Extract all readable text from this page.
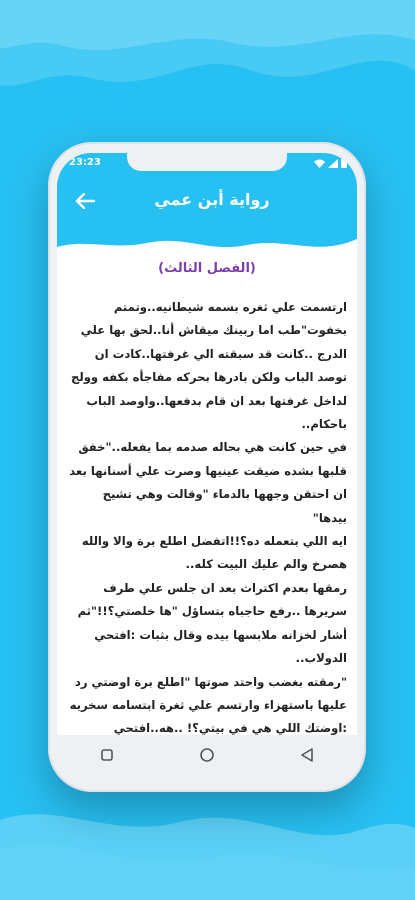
23:23
رواية أبن عمي
(الفصل الثالث)
ارتسمت علي ثغره بسمه شيطانيه..وتمتم بخفوت"طب اما ربينك ميقاش أنا..لحق بها علي الدرج ..كانت قد سبقته الي غرفتها..كادت ان توصد الباب ولكن بادرها بحركه مفاجأه بكفه وولج لداخل غرفتها بعد ان قام بدفعها..واوصد الباب باحكام..
في حين كانت هي بحاله صدمه بما يفعله.."خفق قلبها بشده ضيقت عينيها وصرت علي أسنانها بعد ان احتقن وجهها بالدماء "وقالت وهي تشيح بيدها"
ايه اللي بتعمله ده؟!!اتفضل اطلع برة والا والله هصرخ والم عليك البيت كله..
رمقها بعدم اكتراث بعد ان جلس علي طرف سريرها ..رفع حاجباه بتساؤل "ها خلصتي؟!!"ثم أشار لخزانه ملابسها بيده وقال بثبات :افتحي الدولاب..
"رمقته بغضب واحتد صوتها "اطلع برة اوضتي رد عليها باستهزاء وارتسم علي ثغرة ابتسامه سخريه :اوضتك اللي هي في بيتي؟! ..هه..افتحي
